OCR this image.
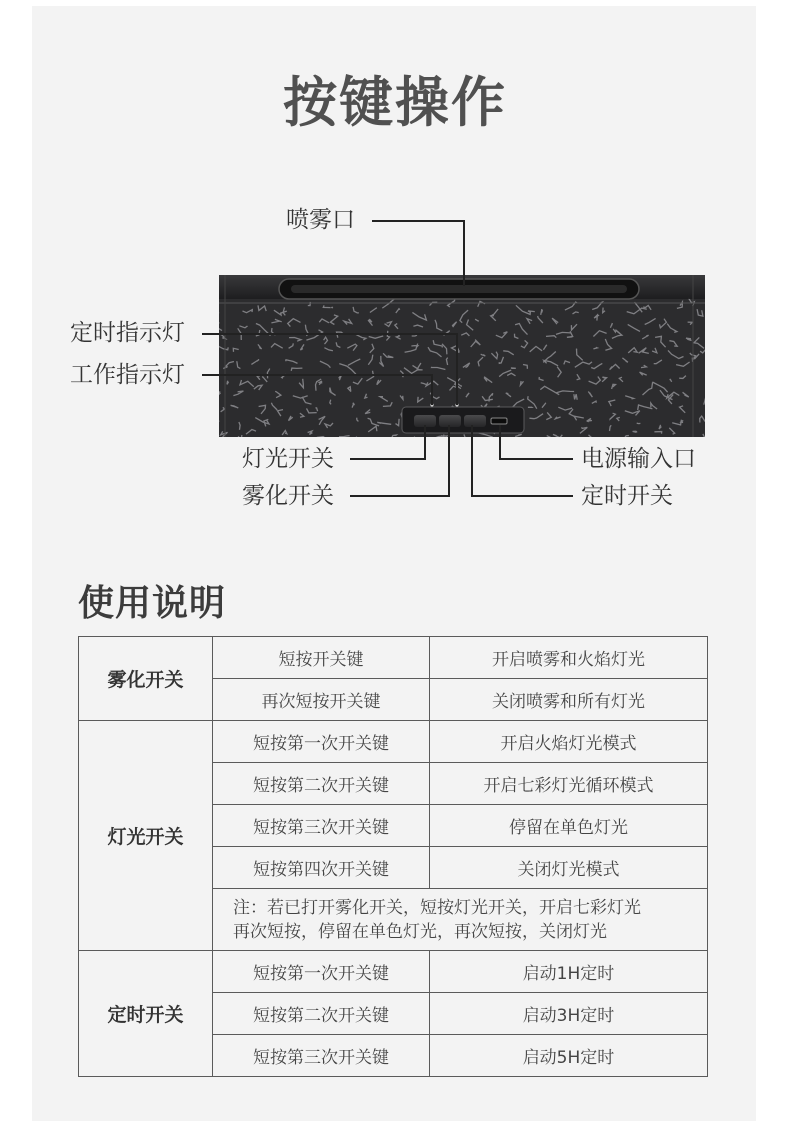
按键操作
喷雾口
定时指示灯
工作指示灯
灯光开关
雾化开关
电源输入口
定时开关
使用说明
雾化开关	短按开关键	开启喷雾和火焰灯光
	再次短按开关键	关闭喷雾和所有灯光
灯光开关	短按第一次开关键	开启火焰灯光模式
	短按第二次开关键	开启七彩灯光循环模式
	短按第三次开关键	停留在单色灯光
	短按第四次开关键	关闭灯光模式

	注：若已打开雾化开关，短按灯光开关，开启七彩灯光
再次短按，停留在单色灯光，再次短按，关闭灯光	

定时开关	短按第一次开关键	启动1H定时
	短按第二次开关键	启动3H定时
	短按第三次开关键	启动5H定时
